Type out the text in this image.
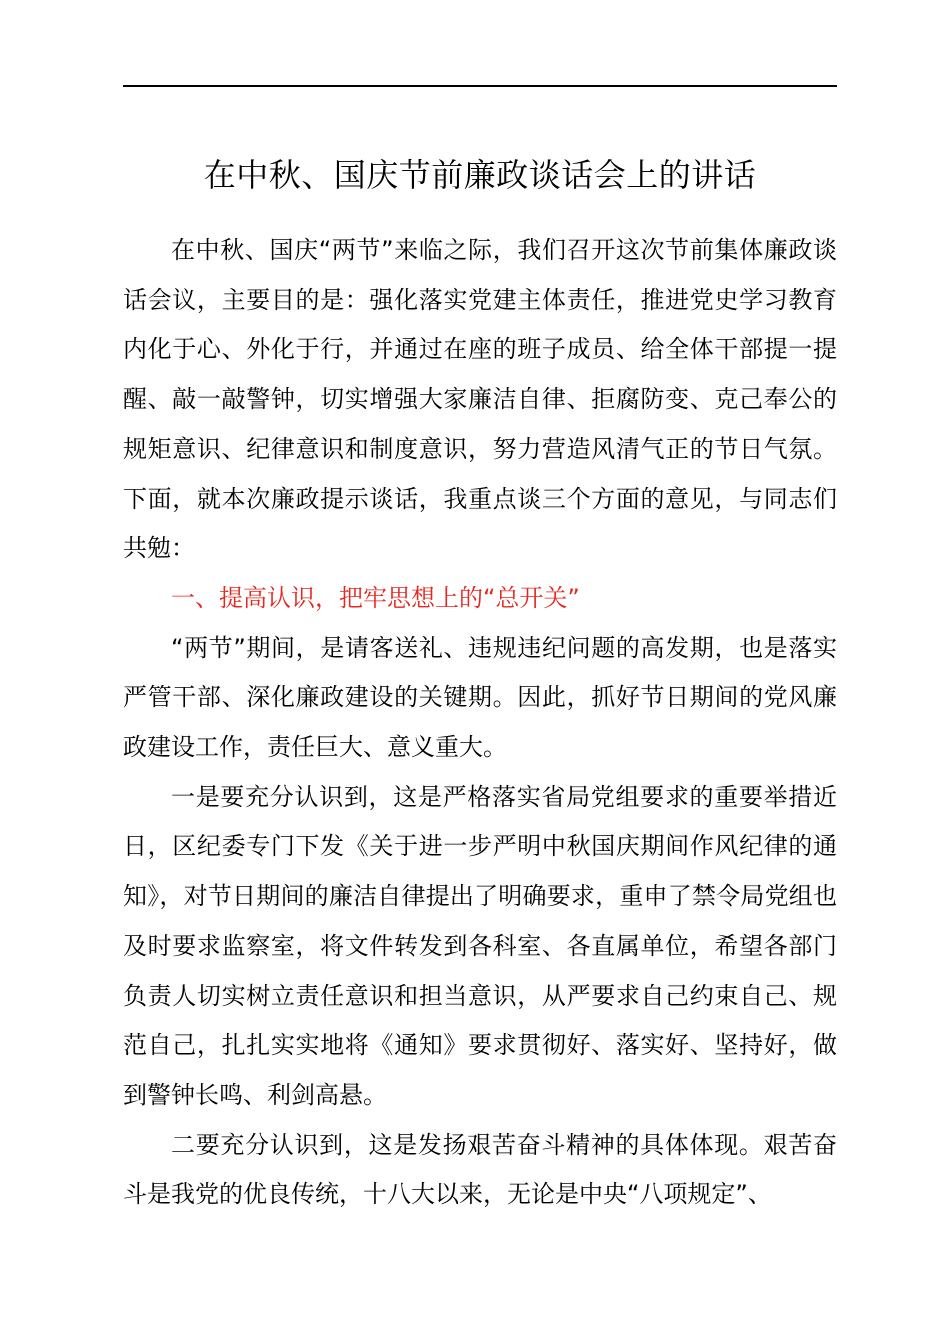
在中秋、国庆节前廉政谈话会上的讲话

在中秋、国庆“两节”来临之际，我们召开这次节前集体廉政谈话会议，主要目的是：强化落实党建主体责任，推进党史学习教育内化于心、外化于行，并通过在座的班子成员、给全体干部提一提醒、敲一敲警钟，切实增强大家廉洁自律、拒腐防变、克己奉公的规矩意识、纪律意识和制度意识，努力营造风清气正的节日气氛。下面，就本次廉政提示谈话，我重点谈三个方面的意见，与同志们共勉：

一、提高认识，把牢思想上的“总开关”

“两节”期间，是请客送礼、违规违纪问题的高发期，也是落实严管干部、深化廉政建设的关键期。因此，抓好节日期间的党风廉政建设工作，责任巨大、意义重大。

一是要充分认识到，这是严格落实省局党组要求的重要举措近日，区纪委专门下发《关于进一步严明中秋国庆期间作风纪律的通知》，对节日期间的廉洁自律提出了明确要求，重申了禁令局党组也及时要求监察室，将文件转发到各科室、各直属单位，希望各部门负责人切实树立责任意识和担当意识，从严要求自己约束自己、规范自己，扎扎实实地将《通知》要求贯彻好、落实好、坚持好，做到警钟长鸣、利剑高悬。

二要充分认识到，这是发扬艰苦奋斗精神的具体体现。艰苦奋斗是我党的优良传统，十八大以来，无论是中央“八项规定”、
